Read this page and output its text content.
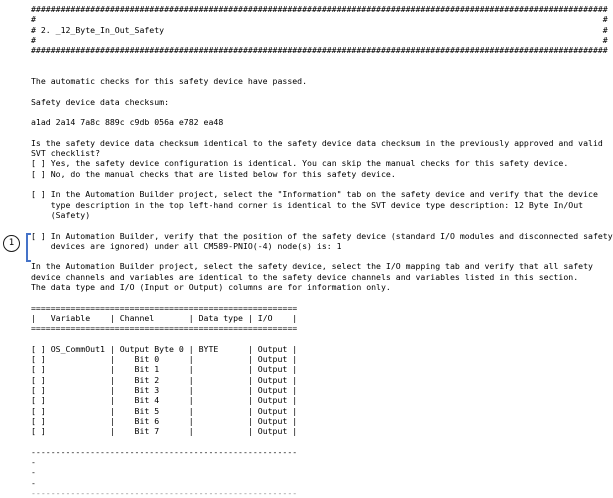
#####################################################################################################################
#	#
# 2. _12_Byte_In_Out_Safety	#
#	#
#####################################################################################################################
The automatic checks for this safety device have passed.
Safety device data checksum:
a1ad 2a14 7a8c 889c c9db 056a e782 ea48
Is the safety device data checksum identical to the safety device data checksum in the previously approved and valid
SVT checklist?
[ ] Yes, the safety device configuration is identical. You can skip the manual checks for this safety device.
[ ] No, do the manual checks that are listed below for this safety device.
[ ] In the Automation Builder project, select the "Information" tab on the safety device and verify that the device
type description in the top left-hand corner is identical to the SVT device type description: 12 Byte In/Out
(Safety)
[ ] In Automation Builder, verify that the position of the safety device (standard I/O modules and disconnected safety
devices are ignored) under all CM589-PNIO(-4) node(s) is: 1
In the Automation Builder project, select the safety device, select the I/O mapping tab and verify that all safety
device channels and variables are identical to the safety device channels and variables listed in this section.
The data type and I/O (Input or Output) columns are for information only.
======================================================
|   Variable    | Channel       | Data type | I/O    |
======================================================
[ ] OS_CommOut1 | Output Byte 0 | BYTE      | Output |
[ ]             |    Bit 0      |           | Output |
[ ]             |    Bit 1      |           | Output |
[ ]             |    Bit 2      |           | Output |
[ ]             |    Bit 3      |           | Output |
[ ]             |    Bit 4      |           | Output |
[ ]             |    Bit 5      |           | Output |
[ ]             |    Bit 6      |           | Output |
[ ]             |    Bit 7      |           | Output |
------------------------------------------------------
-
-
-
------------------------------------------------------
1
